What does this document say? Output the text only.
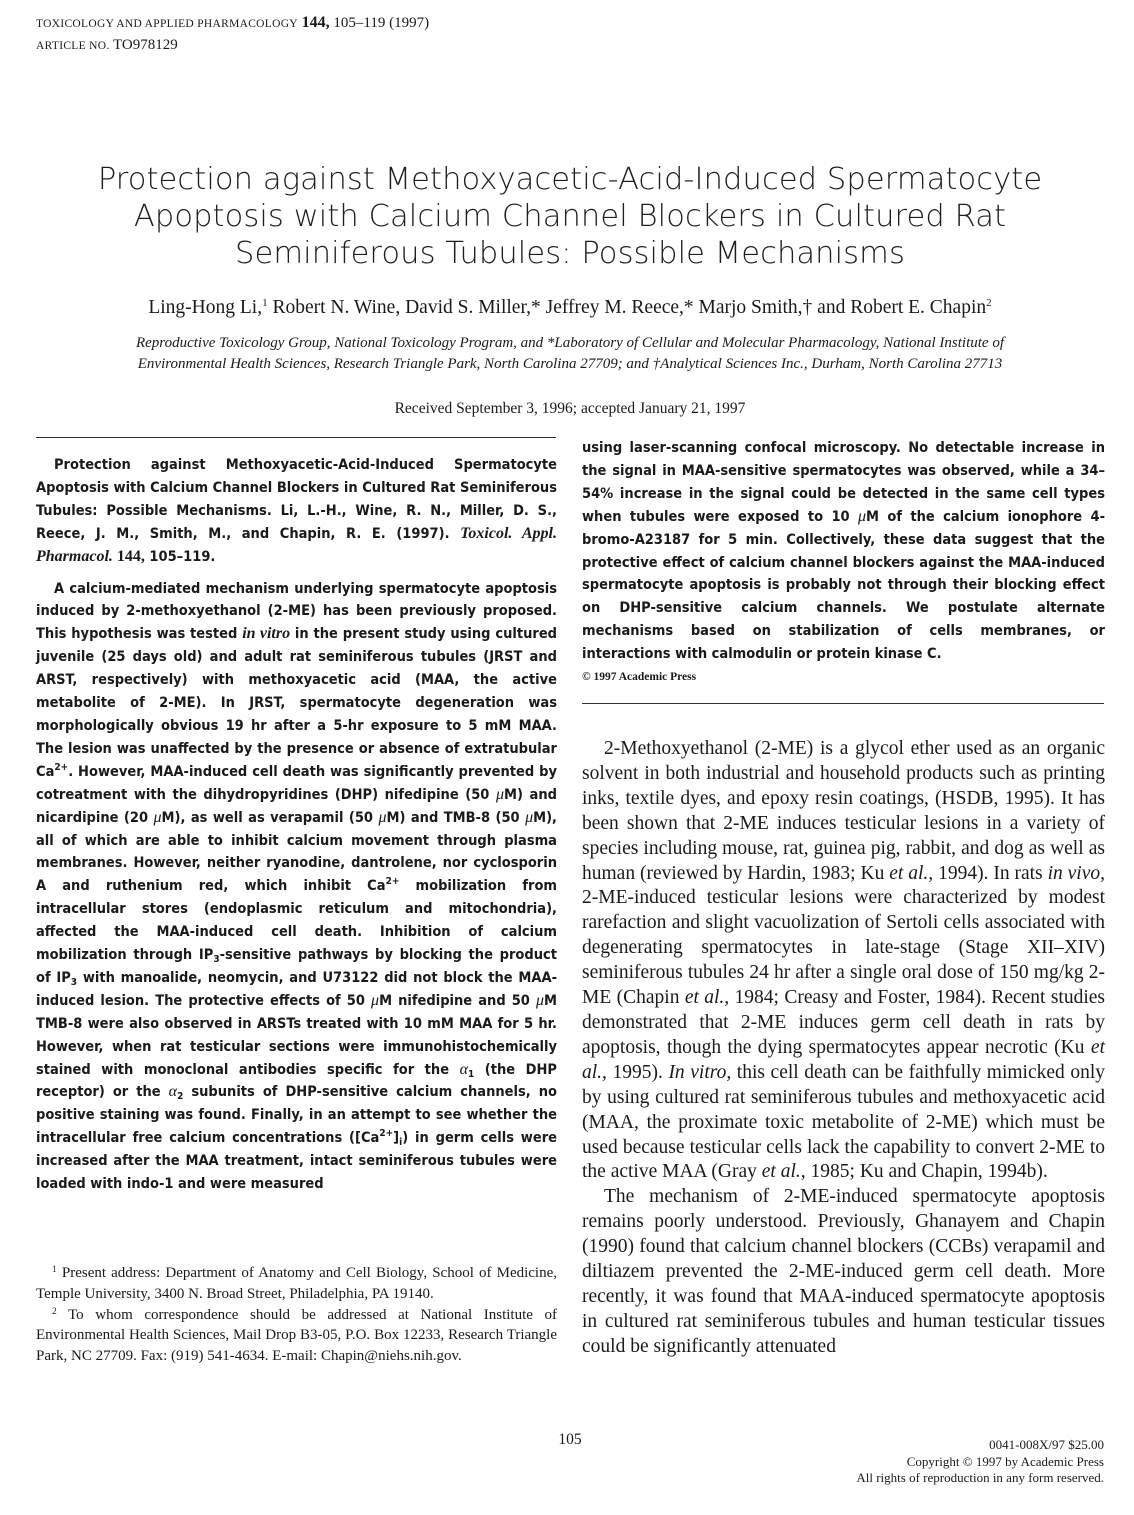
TOXICOLOGY AND APPLIED PHARMACOLOGY 144, 105–119 (1997)
ARTICLE NO. TO978129
Protection against Methoxyacetic-Acid-Induced Spermatocyte
Apoptosis with Calcium Channel Blockers in Cultured Rat
Seminiferous Tubules: Possible Mechanisms
Ling-Hong Li,$^1$ Robert N. Wine, David S. Miller,* Jeffrey M. Reece,* Marjo Smith,† and Robert E. Chapin$^2$
Reproductive Toxicology Group, National Toxicology Program, and *Laboratory of Cellular and Molecular Pharmacology, National Institute of
Environmental Health Sciences, Research Triangle Park, North Carolina 27709; and †Analytical Sciences Inc., Durham, North Carolina 27713
Received September 3, 1996; accepted January 21, 1997

Protection against Methoxyacetic-Acid-Induced Spermatocyte Apoptosis with Calcium Channel Blockers in Cultured Rat Seminiferous Tubules: Possible Mechanisms. Li, L.-H., Wine, R. N., Miller, D. S., Reece, J. M., Smith, M., and Chapin, R. E. (1997). Toxicol. Appl. Pharmacol. 144, 105–119.

A calcium-mediated mechanism underlying spermatocyte apoptosis induced by 2-methoxyethanol (2-ME) has been previously proposed. This hypothesis was tested in vitro in the present study using cultured juvenile (25 days old) and adult rat seminiferous tubules (JRST and ARST, respectively) with methoxyacetic acid (MAA, the active metabolite of 2-ME). In JRST, spermatocyte degeneration was morphologically obvious 19 hr after a 5-hr exposure to 5 mM MAA. The lesion was unaffected by the presence or absence of extratubular $Ca^{2+}$. However, MAA-induced cell death was significantly prevented by cotreatment with the dihydropyridines (DHP) nifedipine (50 μM) and nicardipine (20 μM), as well as verapamil (50 μM) and TMB-8 (50 μM), all of which are able to inhibit calcium movement through plasma membranes. However, neither ryanodine, dantrolene, nor cyclosporin A and ruthenium red, which inhibit $Ca^{2+}$ mobilization from intracellular stores (endoplasmic reticulum and mitochondria), affected the MAA-induced cell death. Inhibition of calcium mobilization through $IP_3$-sensitive pathways by blocking the product of $IP_3$ with manoalide, neomycin, and U73122 did not block the MAA-induced lesion. The protective effects of 50 μM nifedipine and 50 μM TMB-8 were also observed in ARSTs treated with 10 mM MAA for 5 hr. However, when rat testicular sections were immunohistochemically stained with monoclonal antibodies specific for the $\alpha_1$ (the DHP receptor) or the $\alpha_2$ subunits of DHP-sensitive calcium channels, no positive staining was found. Finally, in an attempt to see whether the intracellular free calcium concentrations $([Ca^{2+}]_i)$ in germ cells were increased after the MAA treatment, intact seminiferous tubules were loaded with indo-1 and were measured

using laser-scanning confocal microscopy. No detectable increase in the signal in MAA-sensitive spermatocytes was observed, while a 34–54% increase in the signal could be detected in the same cell types when tubules were exposed to 10 μM of the calcium ionophore 4-bromo-A23187 for 5 min. Collectively, these data suggest that the protective effect of calcium channel blockers against the MAA-induced spermatocyte apoptosis is probably not through their blocking effect on DHP-sensitive calcium channels. We postulate alternate mechanisms based on stabilization of cells membranes, or interactions with calmodulin or protein kinase C.

© 1997 Academic Press

2-Methoxyethanol (2-ME) is a glycol ether used as an organic solvent in both industrial and household products such as printing inks, textile dyes, and epoxy resin coatings, (HSDB, 1995). It has been shown that 2-ME induces testicular lesions in a variety of species including mouse, rat, guinea pig, rabbit, and dog as well as human (reviewed by Hardin, 1983; Ku et al., 1994). In rats in vivo, 2-ME-induced testicular lesions were characterized by modest rarefaction and slight vacuolization of Sertoli cells associated with degenerating spermatocytes in late-stage (Stage XII–XIV) seminiferous tubules 24 hr after a single oral dose of 150 mg/kg 2-ME (Chapin et al., 1984; Creasy and Foster, 1984). Recent studies demonstrated that 2-ME induces germ cell death in rats by apoptosis, though the dying spermatocytes appear necrotic (Ku et al., 1995). In vitro, this cell death can be faithfully mimicked only by using cultured rat seminiferous tubules and methoxyacetic acid (MAA, the proximate toxic metabolite of 2-ME) which must be used because testicular cells lack the capability to convert 2-ME to the active MAA (Gray et al., 1985; Ku and Chapin, 1994b).

The mechanism of 2-ME-induced spermatocyte apoptosis remains poorly understood. Previously, Ghanayem and Chapin (1990) found that calcium channel blockers (CCBs) verapamil and diltiazem prevented the 2-ME-induced germ cell death. More recently, it was found that MAA-induced spermatocyte apoptosis in cultured rat seminiferous tubules and human testicular tissues could be significantly attenuated

$^1$ Present address: Department of Anatomy and Cell Biology, School of Medicine, Temple University, 3400 N. Broad Street, Philadelphia, PA 19140.

$^2$ To whom correspondence should be addressed at National Institute of Environmental Health Sciences, Mail Drop B3-05, P.O. Box 12233, Research Triangle Park, NC 27709. Fax: (919) 541-4634. E-mail: Chapin@niehs.nih.gov.

105	0041-008X/97 $25.00
Copyright © 1997 by Academic Press
All rights of reproduction in any form reserved.
